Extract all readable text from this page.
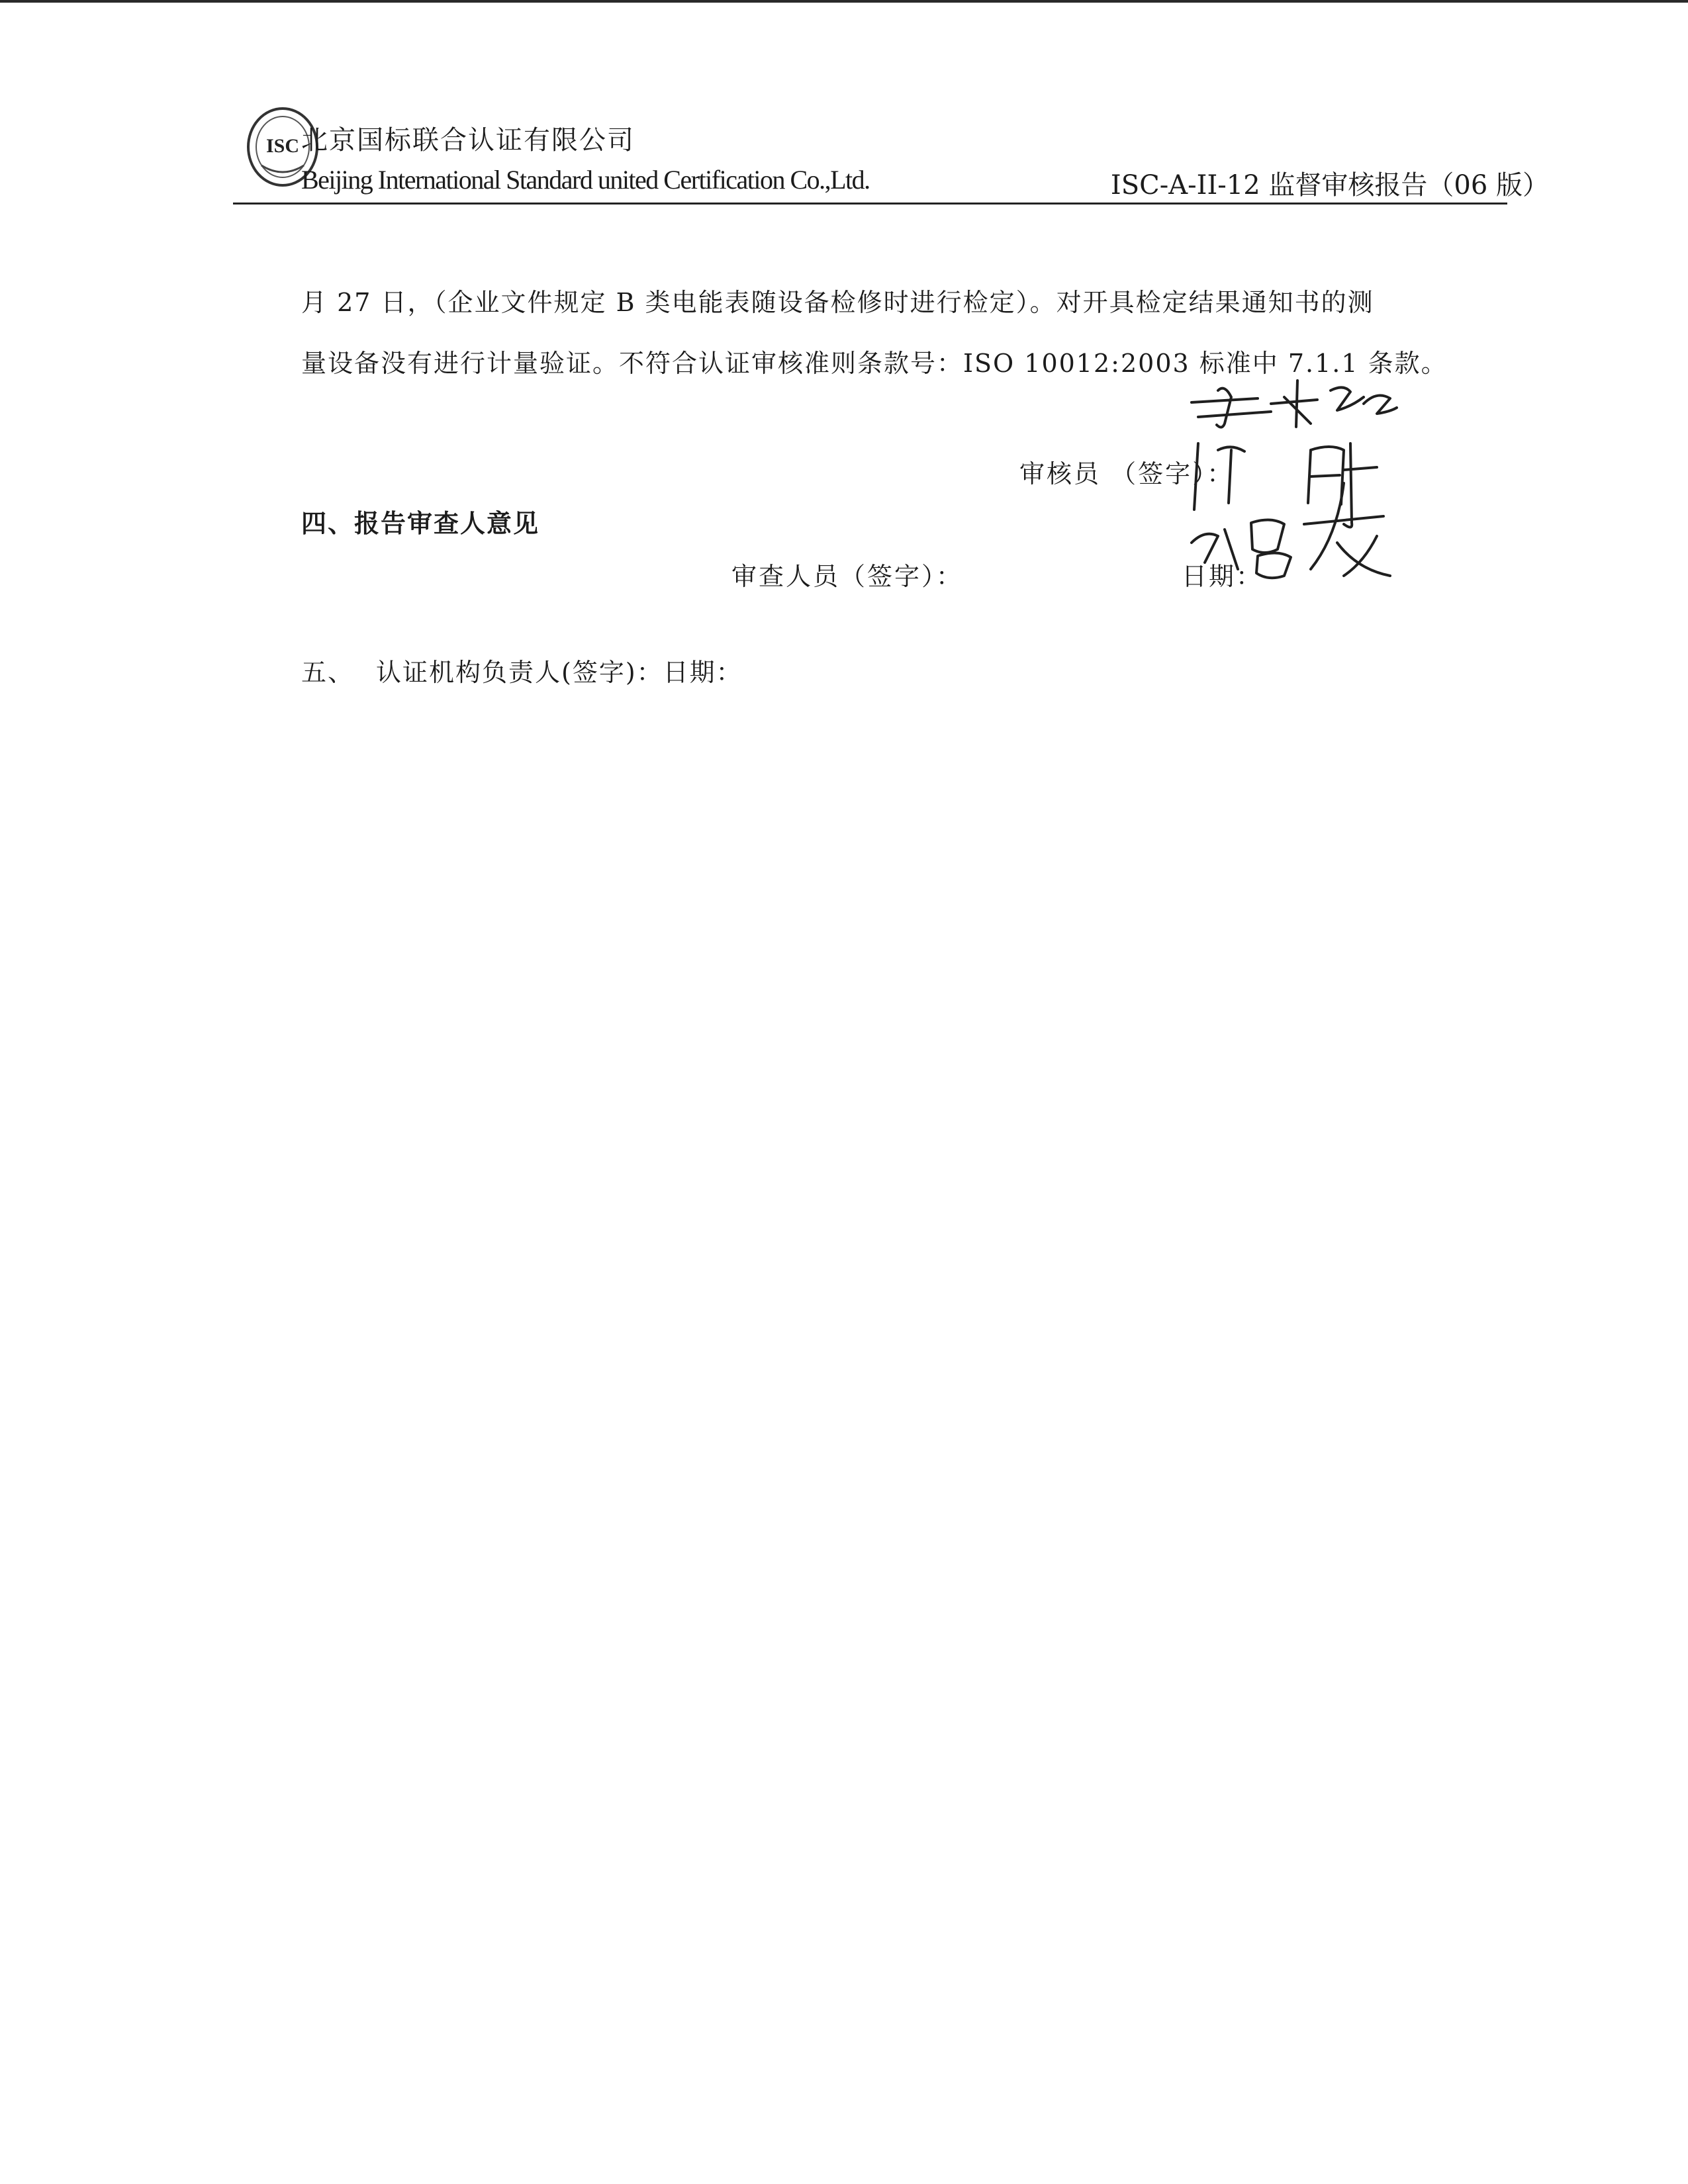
ISC 北京国标联合认证有限公司
Beijing International Standard united Certification Co.,Ltd.	ISC-A-II-12 监督审核报告（06 版）
月 27 日，（企业文件规定 B 类电能表随设备检修时进行检定）。对开具检定结果通知书的测
量设备没有进行计量验证。不符合认证审核准则条款号：ISO 10012:2003 标准中 7.1.1 条款。
审核员 （签字）：
四、报告审查人意见
审查人员（签字）：	日期：
五、 认证机构负责人(签字)：日期：
